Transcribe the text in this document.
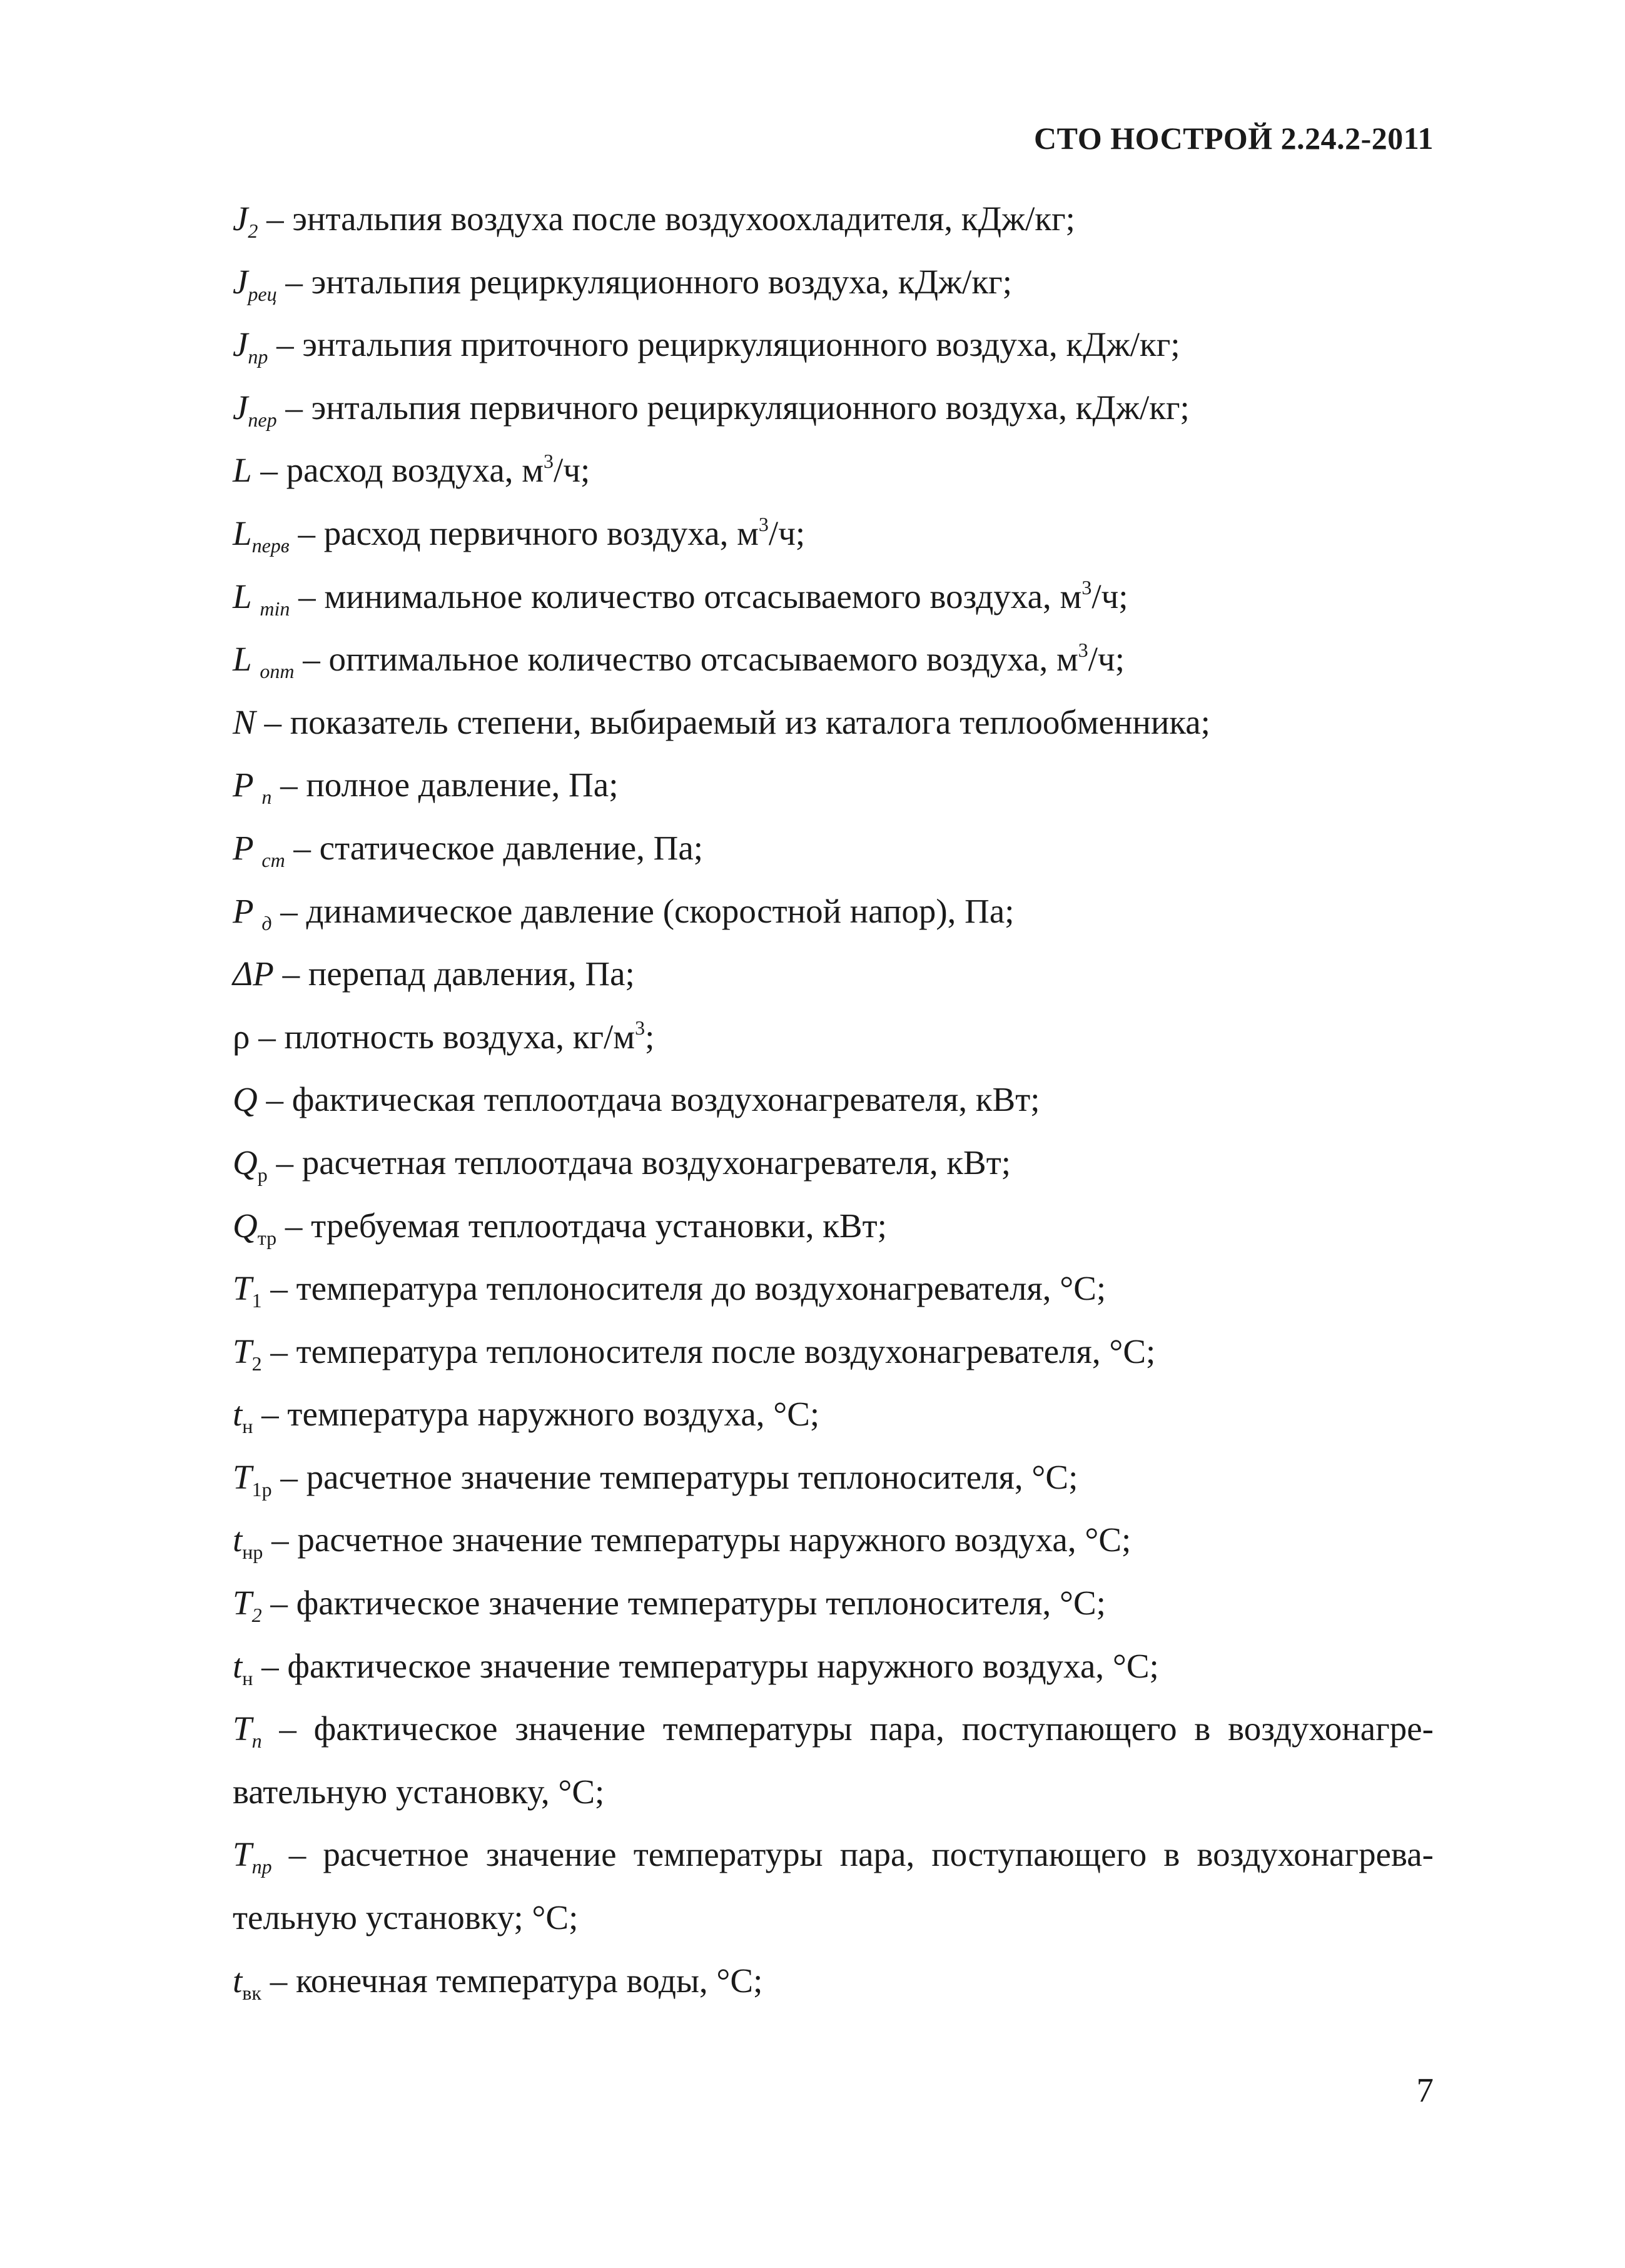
СТО НОСТРОЙ 2.24.2-2011
$J_2$ – энтальпия воздуха после воздухоохладителя, кДж/кг;
$J_{рец}$ – энтальпия рециркуляционного воздуха, кДж/кг;
$J_{пр}$ – энтальпия приточного рециркуляционного воздуха, кДж/кг;
$J_{пер}$ – энтальпия первичного рециркуляционного воздуха, кДж/кг;
L – расход воздуха, $м^3/ч$;
$L_{перв}$ – расход первичного воздуха, $м^3/ч$;
L $_{min}$ – минимальное количество отсасываемого воздуха, $м^3/ч$;
L $_{опт}$ – оптимальное количество отсасываемого воздуха, $м^3/ч$;
N – показатель степени, выбираемый из каталога теплообменника;
P $_п$ – полное давление, Па;
P $_{ст}$ – статическое давление, Па;
P $_д$ – динамическое давление (скоростной напор), Па;
ΔP – перепад давления, Па;
ρ – плотность воздуха, $кг/м^3$;
Q – фактическая теплоотдача воздухонагревателя, кВт;
$Q_р$ – расчетная теплоотдача воздухонагревателя, кВт;
$Q_{тр}$ – требуемая теплоотдача установки, кВт;
$T_1$ – температура теплоносителя до воздухонагревателя, °С;
$T_2$ – температура теплоносителя после воздухонагревателя, °С;
$t_н$ – температура наружного воздуха, °С;
$T_{1р}$ – расчетное значение температуры теплоносителя, °С;
$t_{нр}$ – расчетное значение температуры наружного воздуха, °С;
$T_2$ – фактическое значение температуры теплоносителя, °С;
$t_н$ – фактическое значение температуры наружного воздуха, °С;
$T_п$ – фактическое значение температуры пара, поступающего в воздухонагре-вательную установку, °С;
$T_{пр}$ – расчетное значение температуры пара, поступающего в воздухонагрева-тельную установку; °С;
$t_{вк}$ – конечная температура воды, °С;
7
